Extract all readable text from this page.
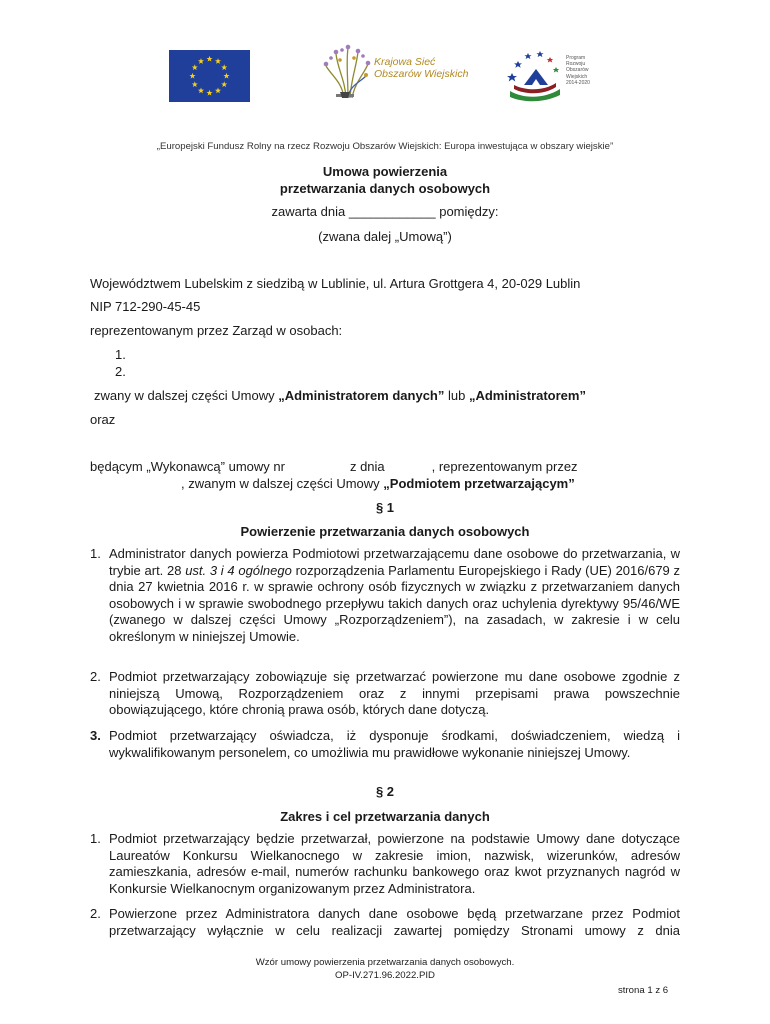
Krajowa Sieć
Obszarów Wiejskich
Program
Rozwoju
Obszarów
Wiejskich
2014-2020
„Europejski Fundusz Rolny na rzecz Rozwoju Obszarów Wiejskich: Europa inwestująca w obszary wiejskie”
Umowa powierzenia
przetwarzania danych osobowych
zawarta dnia ____________ pomiędzy:
(zwana dalej „Umową”)
Województwem Lubelskim z siedzibą w Lublinie, ul. Artura Grottgera 4, 20-029 Lublin
NIP 712-290-45-45
reprezentowanym przez Zarząd w osobach:
1.
2.
zwany w dalszej części Umowy „Administratorem danych” lub „Administratorem”
oraz
będącym „Wykonawcą” umowy nr                  z dnia             , reprezentowanym przez
, zwanym w dalszej części Umowy „Podmiotem przetwarzającym”
§ 1
Powierzenie przetwarzania danych osobowych
1. Administrator danych powierza Podmiotowi przetwarzającemu dane osobowe do przetwarzania, w trybie art. 28 ust. 3 i 4 ogólnego rozporządzenia Parlamentu Europejskiego i Rady (UE) 2016/679 z dnia 27 kwietnia 2016 r. w sprawie ochrony osób fizycznych w związku z przetwarzaniem danych osobowych i w sprawie swobodnego przepływu takich danych oraz uchylenia dyrektywy 95/46/WE (zwanego w dalszej części Umowy „Rozporządzeniem”), na zasadach, w zakresie i w celu określonym w niniejszej Umowie.
2. Podmiot przetwarzający zobowiązuje się przetwarzać powierzone mu dane osobowe zgodnie z niniejszą Umową, Rozporządzeniem oraz z innymi przepisami prawa powszechnie obowiązującego, które chronią prawa osób, których dane dotyczą.
3. Podmiot przetwarzający oświadcza, iż dysponuje środkami, doświadczeniem, wiedzą i wykwalifikowanym personelem, co umożliwia mu prawidłowe wykonanie niniejszej Umowy.
§ 2
Zakres i cel przetwarzania danych
1. Podmiot przetwarzający będzie przetwarzał, powierzone na podstawie Umowy dane dotyczące Laureatów Konkursu Wielkanocnego w zakresie imion, nazwisk, wizerunków, adresów zamieszkania, adresów e-mail, numerów rachunku bankowego oraz kwot przyznanych nagród w Konkursie Wielkanocnym organizowanym przez Administratora.
2. Powierzone przez Administratora danych dane osobowe będą przetwarzane przez Podmiot przetwarzający wyłącznie w celu realizacji zawartej pomiędzy Stronami umowy z dnia
Wzór umowy powierzenia przetwarzania danych osobowych.
OP-IV.271.96.2022.PID
strona 1 z 6
